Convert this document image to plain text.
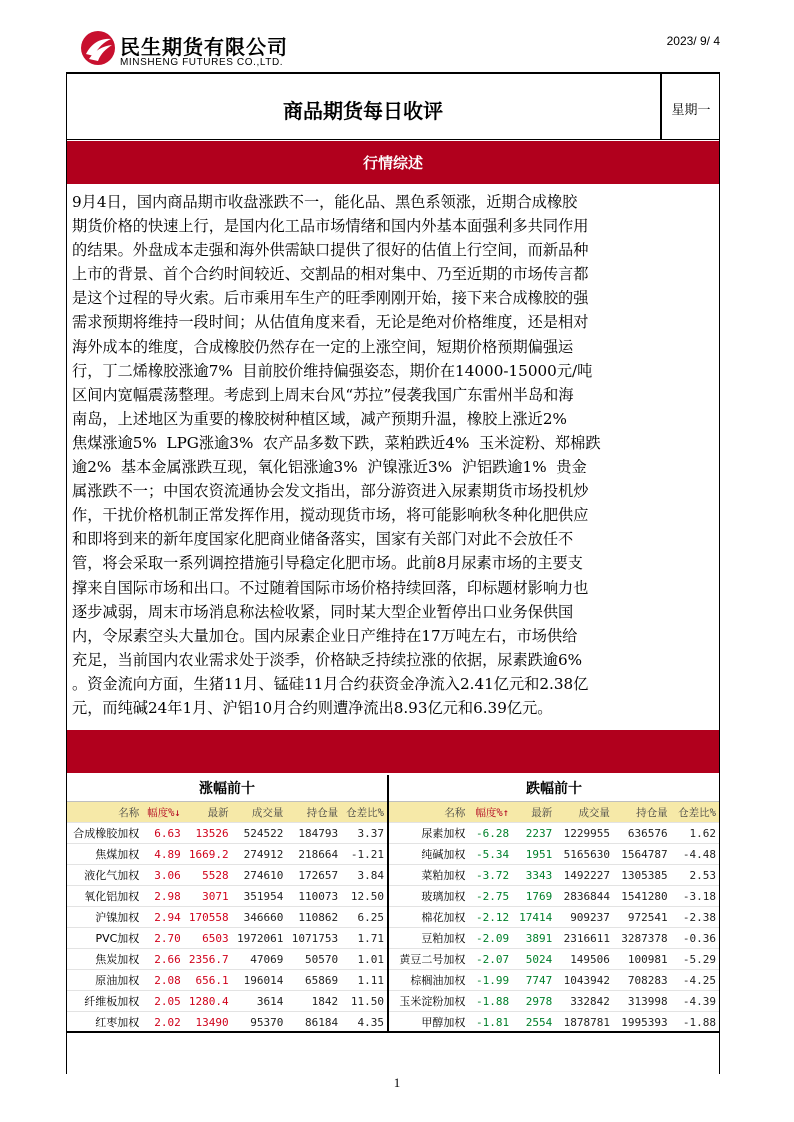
民生期货有限公司
MINSHENG FUTURES CO.,LTD.
2023/ 9/ 4
商品期货每日收评	星期一
行情综述

9月4日，国内商品期市收盘涨跌不一，能化品、黑色系领涨，近期合成橡胶
期货价格的快速上行，是国内化工品市场情绪和国内外基本面强利多共同作用
的结果。外盘成本走强和海外供需缺口提供了很好的估值上行空间，而新品种
上市的背景、首个合约时间较近、交割品的相对集中、乃至近期的市场传言都
是这个过程的导火索。后市乘用车生产的旺季刚刚开始，接下来合成橡胶的强
需求预期将维持一段时间；从估值角度来看，无论是绝对价格维度，还是相对
海外成本的维度，合成橡胶仍然存在一定的上涨空间，短期价格预期偏强运
行，丁二烯橡胶涨逾7%  目前胶价维持偏强姿态，期价在14000-15000元/吨
区间内宽幅震荡整理。考虑到上周末台风“苏拉”侵袭我国广东雷州半岛和海
南岛，上述地区为重要的橡胶树种植区域，减产预期升温，橡胶上涨近2%
焦煤涨逾5%  LPG涨逾3%  农产品多数下跌，菜粕跌近4%  玉米淀粉、郑棉跌
逾2%  基本金属涨跌互现，氧化铝涨逾3%  沪镍涨近3%  沪铝跌逾1%  贵金
属涨跌不一；中国农资流通协会发文指出，部分游资进入尿素期货市场投机炒
作，干扰价格机制正常发挥作用，搅动现货市场，将可能影响秋冬种化肥供应
和即将到来的新年度国家化肥商业储备落实，国家有关部门对此不会放任不
管，将会采取一系列调控措施引导稳定化肥市场。此前8月尿素市场的主要支
撑来自国际市场和出口。不过随着国际市场价格持续回落，印标题材影响力也
逐步减弱，周末市场消息称法检收紧，同时某大型企业暂停出口业务保供国
内，令尿素空头大量加仓。国内尿素企业日产维持在17万吨左右，市场供给
充足，当前国内农业需求处于淡季，价格缺乏持续拉涨的依据，尿素跌逾6%
。资金流向方面，生猪11月、锰硅11月合约获资金净流入2.41亿元和2.38亿
元，而纯碱24年1月、沪铝10月合约则遭净流出8.93亿元和6.39亿元。

涨幅前十					
名称	幅度%↓	最新	成交量	持仓量	仓差比%
合成橡胶加权	6.63	13526	524522	184793	3.37
焦煤加权	4.89	1669.2	274912	218664	-1.21
液化气加权	3.06	5528	274610	172657	3.84
氧化铝加权	2.98	3071	351954	110073	12.50
沪镍加权	2.94	170558	346660	110862	6.25
PVC加权	2.70	6503	1972061	1071753	1.71
焦炭加权	2.66	2356.7	47069	50570	1.01
原油加权	2.08	656.1	196014	65869	1.11
纤维板加权	2.05	1280.4	3614	1842	11.50
红枣加权	2.02	13490	95370	86184	4.35
跌幅前十					
名称	幅度%↑	最新	成交量	持仓量	仓差比%
尿素加权	-6.28	2237	1229955	636576	1.62
纯碱加权	-5.34	1951	5165630	1564787	-4.48
菜粕加权	-3.72	3343	1492227	1305385	2.53
玻璃加权	-2.75	1769	2836844	1541280	-3.18
棉花加权	-2.12	17414	909237	972541	-2.38
豆粕加权	-2.09	3891	2316611	3287378	-0.36
黄豆二号加权	-2.07	5024	149506	100981	-5.29
棕榈油加权	-1.99	7747	1043942	708283	-4.25
玉米淀粉加权	-1.88	2978	332842	313998	-4.39
甲醇加权	-1.81	2554	1878781	1995393	-1.88
1
